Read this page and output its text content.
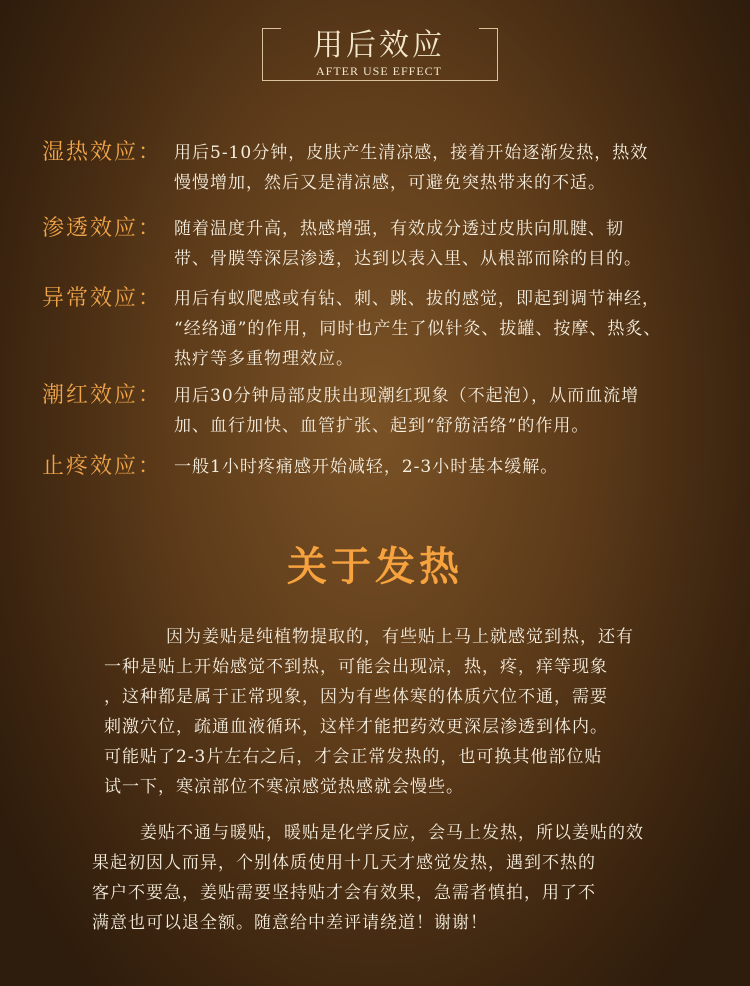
用后效应
AFTER USE EFFECT
湿热效应： 用后5-10分钟，皮肤产生清凉感，接着开始逐渐发热，热效
慢慢增加，然后又是清凉感，可避免突热带来的不适。
渗透效应： 随着温度升高，热感增强，有效成分透过皮肤向肌腱、韧
带、骨膜等深层渗透，达到以表入里、从根部而除的目的。
异常效应： 用后有蚁爬感或有钻、刺、跳、拔的感觉，即起到调节神经，
“经络通”的作用，同时也产生了似针灸、拔罐、按摩、热炙、
热疗等多重物理效应。
潮红效应： 用后30分钟局部皮肤出现潮红现象（不起泡），从而血流增
加、血行加快、血管扩张、起到“舒筋活络”的作用。
止疼效应： 一般1小时疼痛感开始减轻，2-3小时基本缓解。
关于发热
因为姜贴是纯植物提取的，有些贴上马上就感觉到热，还有
一种是贴上开始感觉不到热，可能会出现凉，热，疼，痒等现象
，这种都是属于正常现象，因为有些体寒的体质穴位不通，需要
刺激穴位，疏通血液循环，这样才能把药效更深层渗透到体内。
可能贴了2-3片左右之后，才会正常发热的，也可换其他部位贴
试一下，寒凉部位不寒凉感觉热感就会慢些。
姜贴不通与暖贴，暖贴是化学反应，会马上发热，所以姜贴的效
果起初因人而异，个别体质使用十几天才感觉发热，遇到不热的
客户不要急，姜贴需要坚持贴才会有效果，急需者慎拍，用了不
满意也可以退全额。随意给中差评请绕道！谢谢！
